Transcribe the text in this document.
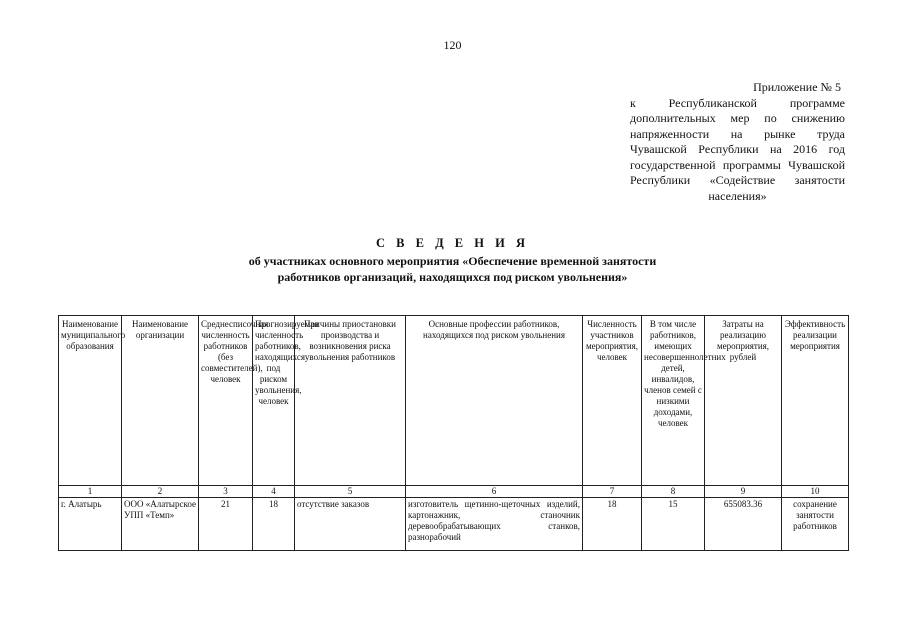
120
Приложение № 5
к Республиканской программе дополнительных мер по снижению напряженности на рынке труда Чувашской Республики на 2016 год государственной программы Чувашской Республики «Содействие занятости населения»
С В Е Д Е Н И Я
об участниках основного мероприятия «Обеспечение временной занятости
работников организаций, находящихся под риском увольнения»
Наименование муниципального образования	Наименование организации	Среднесписочная численность работников (без совместителей), человек	Прогнозируемая численность работников, находящихся под риском увольнения, человек	Причины приостановки производства и возникновения риска увольнения работников	Основные профессии работников, находящихся под риском увольнения	Численность участников мероприятия, человек	В том числе работников, имеющих несовершеннолетних детей, инвалидов, членов семей с низкими доходами, человек	Затраты на реализацию мероприятия, рублей	Эффективность реализации мероприятия
1	2	3	4	5	6	7	8	9	10
г. Алатырь	ООО «Алатырское УПП «Темп»	21	18	отсутствие заказов	изготовитель щетинно-щеточных изделий, картонажник, станочник деревообрабатывающих станков, разнорабочий	18	15	655083.36	сохранение занятости работников
